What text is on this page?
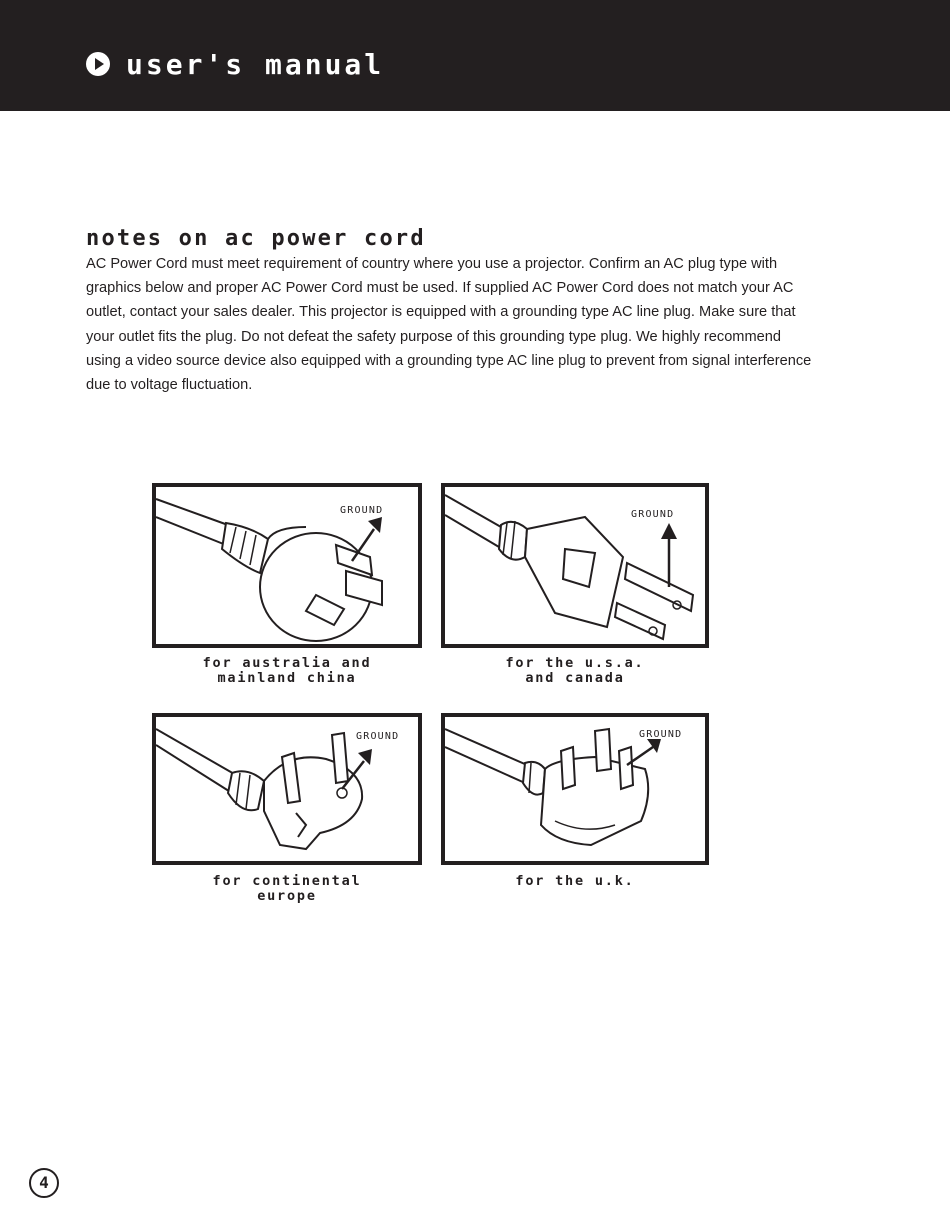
user's manual
notes on ac power cord

AC Power Cord must meet requirement of country where you use a projector. Confirm an AC plug type with graphics below and proper AC Power Cord must be used. If supplied AC Power Cord does not match your AC outlet, contact your sales dealer. This projector is equipped with a grounding type AC line plug. Make sure that your outlet fits the plug. Do not defeat the safety purpose of this grounding type plug. We highly recommend using a video source device also equipped with a grounding type AC line plug to prevent from signal interference due to voltage fluctuation.

GROUND	GROUND
for australia and
mainland china
for the u.s.a.
and canada
GROUND	GROUND
for continental
europe
for the u.k.
4
